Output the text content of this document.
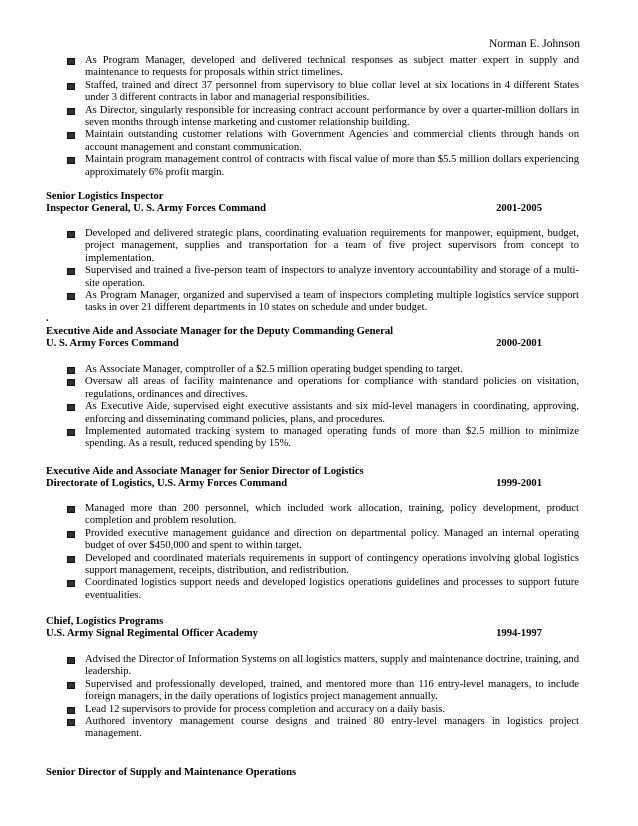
Norman E. Johnson
As Program Manager, developed and delivered technical responses as subject matter expert in supply and maintenance to requests for proposals within strict timelines.
Staffed, trained and direct 37 personnel from supervisory to blue collar level at six locations in 4 different States under 3 different contracts in labor and managerial responsibilities.
As Director, singularly responsible for increasing contract account performance by over a quarter-million dollars in seven months through intense marketing and customer relationship building.
Maintain outstanding customer relations with Government Agencies and commercial clients through hands on account management and constant communication.
Maintain program management control of contracts with fiscal value of more than $5.5 million dollars experiencing approximately 6% profit margin.
Senior Logistics Inspector
Inspector General, U. S. Army Forces Command	2001-2005
Developed and delivered strategic plans, coordinating evaluation requirements for manpower, equipment, budget, project management, supplies and transportation for a team of five project supervisors from concept to implementation.
Supervised and trained a five-person team of inspectors to analyze inventory accountability and storage of a multi-site operation.
As Program Manager, organized and supervised a team of inspectors completing multiple logistics service support tasks in over 21 different departments in 10 states on schedule and under budget.
.
Executive Aide and Associate Manager for the Deputy Commanding General
U. S. Army Forces Command	2000-2001
As Associate Manager, comptroller of a $2.5 million operating budget spending to target.
Oversaw all areas of facility maintenance and operations for compliance with standard policies on visitation, regulations, ordinances and directives.
As Executive Aide, supervised eight executive assistants and six mid-level managers in coordinating, approving, enforcing and disseminating command policies, plans, and procedures.
Implemented automated tracking system to managed operating funds of more than $2.5 million to minimize spending. As a result, reduced spending by 15%.
Executive Aide and Associate Manager for Senior Director of Logistics
Directorate of Logistics, U.S. Army Forces Command	1999-2001
Managed more than 200 personnel, which included work allocation, training, policy development, product completion and problem resolution.
Provided executive management guidance and direction on departmental policy. Managed an internal operating budget of over $450,000 and spent to within target.
Developed and coordinated materials requirements in support of contingency operations involving global logistics support management, receipts, distribution, and redistribution.
Coordinated logistics support needs and developed logistics operations guidelines and processes to support future eventualities.
Chief, Logistics Programs
U.S. Army Signal Regimental Officer Academy	1994-1997
Advised the Director of Information Systems on all logistics matters, supply and maintenance doctrine, training, and leadership.
Supervised and professionally developed, trained, and mentored more than 116 entry-level managers, to include foreign managers, in the daily operations of logistics project management annually.
Lead 12 supervisors to provide for process completion and accuracy on a daily basis.
Authored inventory management course designs and trained 80 entry-level managers in logistics project management.
Senior Director of Supply and Maintenance Operations
